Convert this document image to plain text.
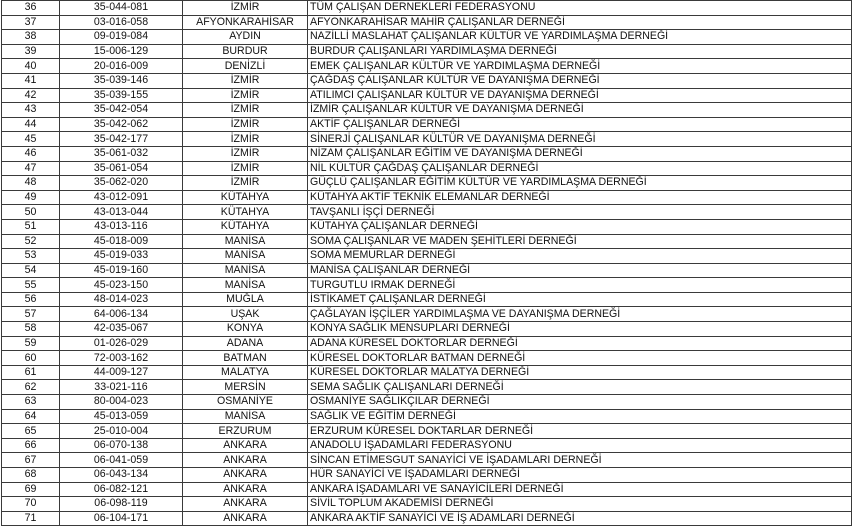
36	35-044-081	İZMİR	TÜM ÇALIŞAN DERNEKLERİ FEDERASYONU
37	03-016-058	AFYONKARAHİSAR	AFYONKARAHİSAR MAHİR ÇALIŞANLAR DERNEĞİ
38	09-019-084	AYDIN	NAZİLLİ MASLAHAT ÇALIŞANLAR KÜLTÜR VE YARDIMLAŞMA DERNEĞİ
39	15-006-129	BURDUR	BURDUR ÇALIŞANLARI YARDIMLAŞMA DERNEĞİ
40	20-016-009	DENİZLİ	EMEK ÇALIŞANLAR KÜLTÜR VE YARDIMLAŞMA DERNEĞİ
41	35-039-146	İZMİR	ÇAĞDAŞ ÇALIŞANLAR KÜLTÜR VE DAYANIŞMA DERNEĞİ
42	35-039-155	İZMİR	ATILIMCI ÇALIŞANLAR KÜLTÜR VE DAYANIŞMA DERNEĞİ
43	35-042-054	İZMİR	İZMİR ÇALIŞANLAR KÜLTÜR VE DAYANIŞMA DERNEĞİ
44	35-042-062	İZMİR	AKTİF ÇALIŞANLAR DERNEĞİ
45	35-042-177	İZMİR	SİNERJİ ÇALIŞANLAR KÜLTÜR VE DAYANIŞMA DERNEĞİ
46	35-061-032	İZMİR	NİZAM ÇALIŞANLAR EĞİTİM VE DAYANIŞMA DERNEĞİ
47	35-061-054	İZMİR	NİL KÜLTÜR ÇAĞDAŞ ÇALIŞANLAR DERNEĞİ
48	35-062-020	İZMİR	GÜÇLÜ ÇALIŞANLAR EĞİTİM KÜLTÜR VE YARDIMLAŞMA DERNEĞİ
49	43-012-091	KÜTAHYA	KÜTAHYA AKTİF TEKNİK ELEMANLAR DERNEĞİ
50	43-013-044	KÜTAHYA	TAVŞANLI İŞÇİ DERNEĞİ
51	43-013-116	KÜTAHYA	KÜTAHYA ÇALIŞANLAR DERNEĞİ
52	45-018-009	MANİSA	SOMA ÇALIŞANLAR VE MADEN ŞEHİTLERİ DERNEĞİ
53	45-019-033	MANİSA	SOMA MEMURLAR DERNEĞİ
54	45-019-160	MANİSA	MANİSA ÇALIŞANLAR DERNEĞİ
55	45-023-150	MANİSA	TURGUTLU IRMAK DERNEĞİ
56	48-014-023	MUĞLA	İSTİKAMET ÇALIŞANLAR DERNEĞİ
57	64-006-134	UŞAK	ÇAĞLAYAN İŞÇİLER YARDIMLAŞMA VE DAYANIŞMA DERNEĞİ
58	42-035-067	KONYA	KONYA SAĞLIK MENSUPLARI DERNEĞİ
59	01-026-029	ADANA	ADANA KÜRESEL DOKTORLAR DERNEĞİ
60	72-003-162	BATMAN	KÜRESEL DOKTORLAR BATMAN DERNEĞİ
61	44-009-127	MALATYA	KÜRESEL DOKTORLAR MALATYA DERNEĞİ
62	33-021-116	MERSİN	SEMA SAĞLIK ÇALIŞANLARI DERNEĞİ
63	80-004-023	OSMANİYE	OSMANİYE SAĞLIKÇILAR DERNEĞİ
64	45-013-059	MANİSA	SAĞLIK VE EĞİTİM DERNEĞİ
65	25-010-004	ERZURUM	ERZURUM KÜRESEL DOKTARLAR DERNEĞİ
66	06-070-138	ANKARA	ANADOLU İŞADAMLARI FEDERASYONU
67	06-041-059	ANKARA	SİNCAN ETİMESGUT SANAYİCİ VE İŞADAMLARI DERNEĞİ
68	06-043-134	ANKARA	HÜR SANAYİCİ VE İŞADAMLARI DERNEĞİ
69	06-082-121	ANKARA	ANKARA İŞADAMLARI VE SANAYİCİLERİ DERNEĞİ
70	06-098-119	ANKARA	SİVİL TOPLUM AKADEMİSİ DERNEĞİ
71	06-104-171	ANKARA	ANKARA AKTİF SANAYİCİ VE İŞ ADAMLARI DERNEĞİ
